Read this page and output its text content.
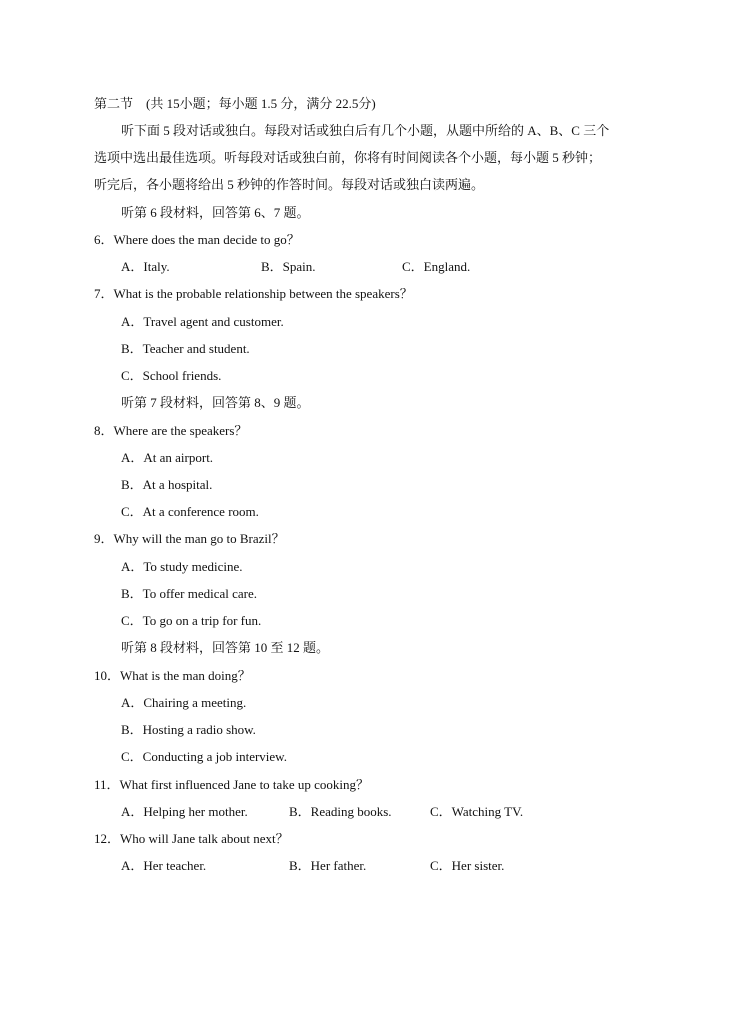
第二节　(共 15小题；每小题 1.5 分，满分 22.5分)
听下面 5 段对话或独白。每段对话或独白后有几个小题，从题中所给的 A、B、C 三个
选项中选出最佳选项。听每段对话或独白前，你将有时间阅读各个小题，每小题 5 秒钟；
听完后，各小题将给出 5 秒钟的作答时间。每段对话或独白读两遍。
听第 6 段材料，回答第 6、7 题。
6．Where does the man decide to go？
A．Italy.	B．Spain.	C．England.
7．What is the probable relationship between the speakers？
A．Travel agent and customer.
B．Teacher and student.
C．School friends.
听第 7 段材料，回答第 8、9 题。
8．Where are the speakers？
A．At an airport.
B．At a hospital.
C．At a conference room.
9．Why will the man go to Brazil？
A．To study medicine.
B．To offer medical care.
C．To go on a trip for fun.
听第 8 段材料，回答第 10 至 12 题。
10．What is the man doing？
A．Chairing a meeting.
B．Hosting a radio show.
C．Conducting a job interview.
11．What first influenced Jane to take up cooking？
A．Helping her mother.	B．Reading books.	C．Watching TV.
12．Who will Jane talk about next？
A．Her teacher.	B．Her father.	C．Her sister.
